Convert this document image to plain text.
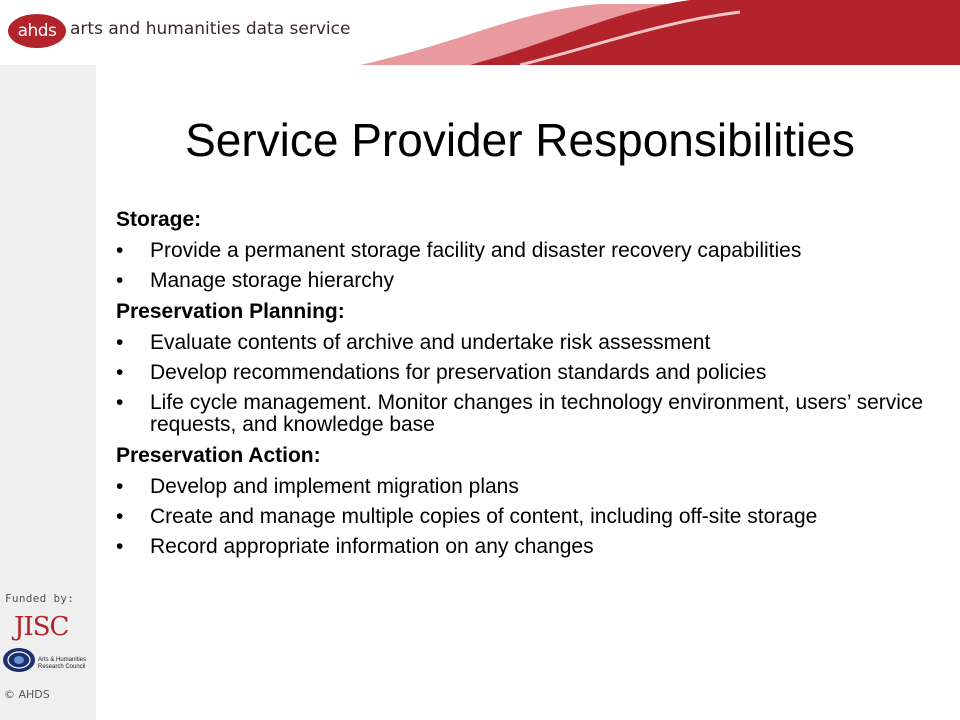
ahds arts and humanities data service
Funded by:
JISC
Arts & Humanities
Research Council
© AHDS
Service Provider Responsibilities
Storage:
• Provide a permanent storage facility and disaster recovery capabilities
• Manage storage hierarchy
Preservation Planning:
• Evaluate contents of archive and undertake risk assessment
• Develop recommendations for preservation standards and policies
• Life cycle management. Monitor changes in technology environment, users’ service requests, and knowledge base
Preservation Action:
• Develop and implement migration plans
• Create and manage multiple copies of content, including off-site storage
• Record appropriate information on any changes
